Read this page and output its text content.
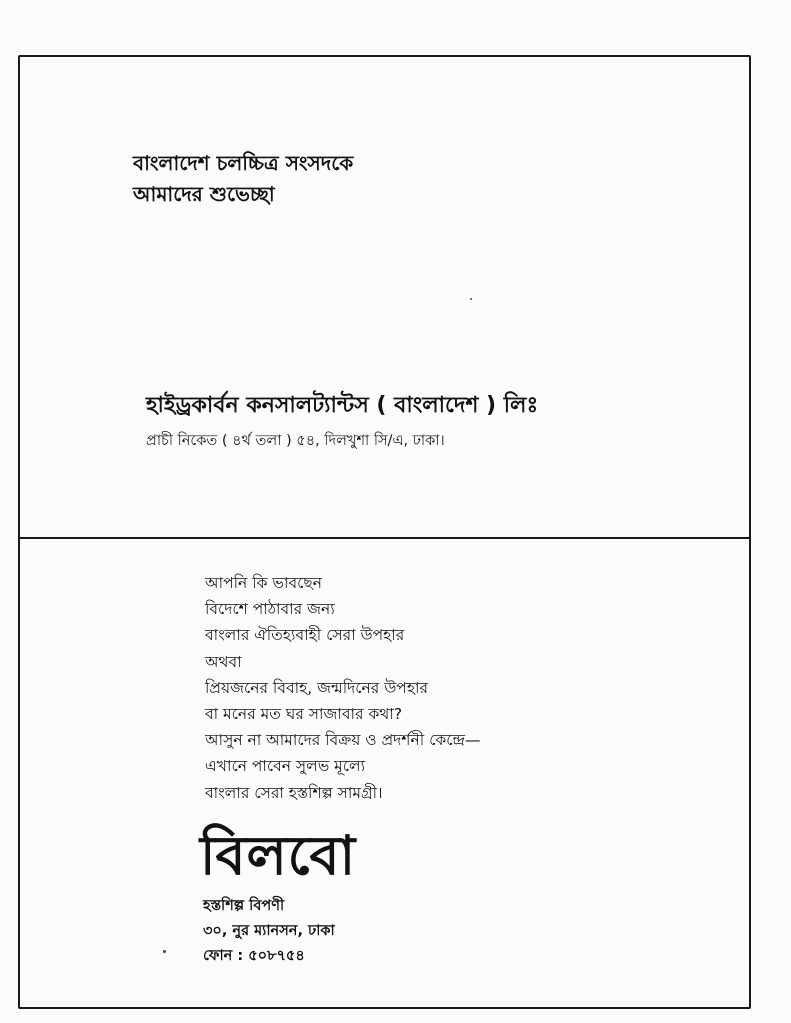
বাংলাদেশ চলচ্চিত্র সংসদকে
আমাদের শুভেচ্ছা

হাইড্রকার্বন কনসালট্যান্টস ( বাংলাদেশ ) লিঃ

প্রাচী নিকেত ( ৪র্থ তলা ) ৫৪, দিলখুশা সি/এ, ঢাকা।

আপনি কি ভাবছেন
বিদেশে পাঠাবার জন্য
বাংলার ঐতিহ্যবাহী সেরা উপহার
অথবা
প্রিয়জনের বিবাহ, জন্মদিনের উপহার
বা মনের মত ঘর সাজাবার কথা?
আসুন না আমাদের বিক্রয় ও প্রদর্শনী কেন্দ্রে—
এখানে পাবেন সুলভ মূল্যে
বাংলার সেরা হস্তশিল্প সামগ্রী।

বিলবো

হস্তশিল্প বিপণী
৩০, নুর ম্যানসন, ঢাকা
ফোন : ৫০৮৭৫৪
